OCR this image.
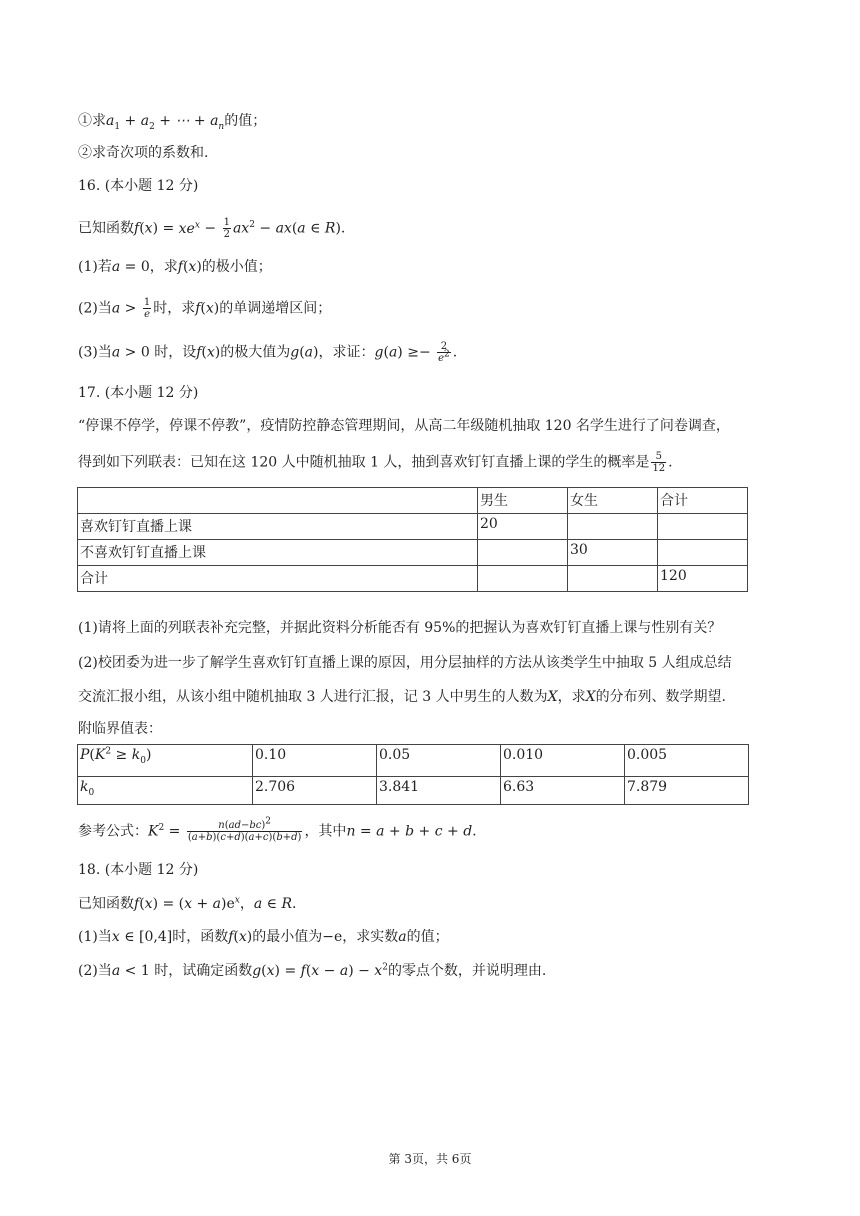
①求$a_1 + a_2$ + ⋯ + $a_n$的值；
②求奇次项的系数和.
16. (本小题 12 分)
已知函数$f(x) = xe^x - \frac{1}{2} ax^2 - ax(a$ ∈ R).
(1)若a = 0，求f(x)的极小值；
(2)当$a > \frac{1}{e}$ 时，求f(x)的单调递增区间；
(3)当a > 0 时，设f(x)的极大值为g(a)，求证：$g(a) \ge- \frac{2}{e^2}$ .
17. (本小题 12 分)
“停课不停学，停课不停教”，疫情防控静态管理期间，从高二年级随机抽取 120 名学生进行了问卷调查，
得到如下列联表：已知在这 120 人中随机抽取 1 人，抽到喜欢钉钉直播上课的学生的概率是 $\frac{5}{12}$ .
	男生	女生	合计
喜欢钉钉直播上课	20		
不喜欢钉钉直播上课		30	
合计			120
(1)请将上面的列联表补充完整，并据此资料分析能否有 95%的把握认为喜欢钉钉直播上课与性别有关？
(2)校团委为进一步了解学生喜欢钉钉直播上课的原因，用分层抽样的方法从该类学生中抽取 5 人组成总结
交流汇报小组，从该小组中随机抽取 3 人进行汇报，记 3 人中男生的人数为X，求X的分布列、数学期望.
附临界值表：
$P(K^2 \ge k_0)$	0.10	0.05	0.010	0.005
$k_0$	2.706	3.841	6.63	7.879
参考公式：$K^2 = \frac{n(ad-bc)^2}{(a+b)(c+d)(a+c)(b+d)}$ ，其中n = a + b + c + d.
18. (本小题 12 分)
已知函数$f(x) = (x + a)e^x$，a ∈ R.
(1)当x ∈ [0,4]时，函数f(x)的最小值为−e，求实数a的值；
(2)当a < 1 时，试确定函数$g(x) = f(x - a) - x^2$的零点个数，并说明理由.
第 3页，共 6页
